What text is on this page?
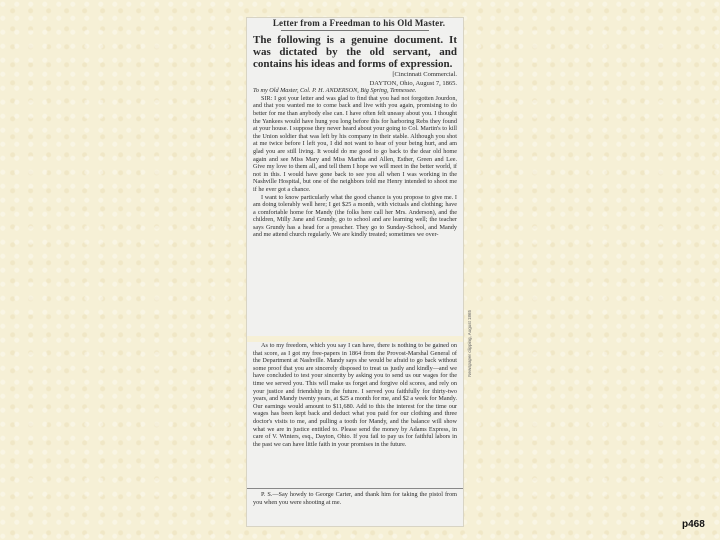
Letter from a Freedman to his Old Master.

The following is a genuine document. It was dictated by the old servant, and contains his ideas and forms of expression.

[Cincinnati Commercial.

DAYTON, Ohio, August 7, 1865.

To my Old Master, Col. P. H. ANDERSON, Big Spring, Tennessee.

SIR: I got your letter and was glad to find that you had not forgotten Jourdon, and that you wanted me to come back and live with you again, promising to do better for me than anybody else can. I have often felt uneasy about you. I thought the Yankees would have hung you long before this for harboring Rebs they found at your house. I suppose they never heard about your going to Col. Martin's to kill the Union soldier that was left by his company in their stable. Although you shot at me twice before I left you, I did not want to hear of your being hurt, and am glad you are still living. It would do me good to go back to the dear old home again and see Miss Mary and Miss Martha and Allen, Esther, Green and Lee. Give my love to them all, and tell them I hope we will meet in the better world, if not in this. I would have gone back to see you all when I was working in the Nashville Hospital, but one of the neighbors told me Henry intended to shoot me if he ever got a chance.

I want to know particularly what the good chance is you propose to give me. I am doing tolerably well here; I get $25 a month, with victuals and clothing; have a comfortable home for Mandy (the folks here call her Mrs. Anderson), and the children, Milly Jane and Grundy, go to school and are learning well; the teacher says Grundy has a head for a preacher. They go to Sunday-School, and Mandy and me attend church regularly. We are kindly treated; sometimes we over-

As to my freedom, which you say I can have, there is nothing to be gained on that score, as I got my free-papers in 1864 from the Provost-Marshal General of the Department at Nashville. Mandy says she would be afraid to go back without some proof that you are sincerely disposed to treat us justly and kindly—and we have concluded to test your sincerity by asking you to send us our wages for the time we served you. This will make us forget and forgive old scores, and rely on your justice and friendship in the future. I served you faithfully for thirty-two years, and Mandy twenty years, at $25 a month for me, and $2 a week for Mandy. Our earnings would amount to $11,680. Add to this the interest for the time our wages has been kept back and deduct what you paid for our clothing and three doctor's visits to me, and pulling a tooth for Mandy, and the balance will show what we are in justice entitled to. Please send the money by Adams Express, in care of V. Winters, esq., Dayton, Ohio. If you fail to pay us for faithful labors in the past we can have little faith in your promises in the future.

P. S.—Say howdy to George Carter, and thank him for taking the pistol from you when you were shooting at me.

Newspaper clipping, August 1865
p468
